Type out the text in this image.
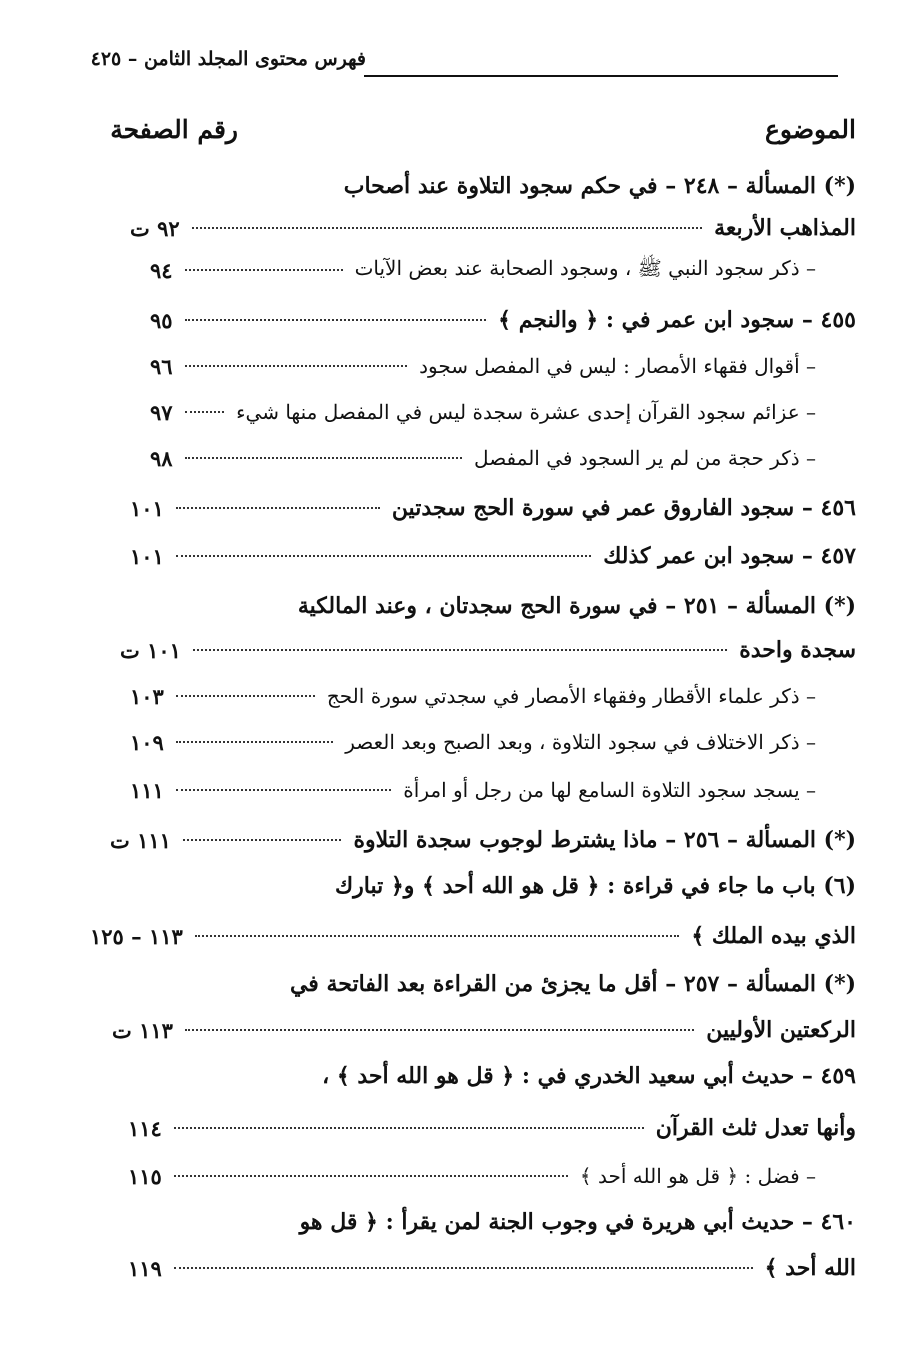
فهرس محتوى المجلد الثامن – ٤٢٥
الموضوع
رقم الصفحة
(*) المسألة – ٢٤٨ – في حكم سجود التلاوة عند أصحاب
المذاهب الأربعة
٩٢ ت
– ذكر سجود النبي ﷺ ، وسجود الصحابة عند بعض الآيات
٩٤
٤٥٥ – سجود ابن عمر في : ﴿ والنجم ﴾
٩٥
– أقوال فقهاء الأمصار : ليس في المفصل سجود
٩٦
– عزائم سجود القرآن إحدى عشرة سجدة ليس في المفصل منها شيء
٩٧
– ذكر حجة من لم ير السجود في المفصل
٩٨
٤٥٦ – سجود الفاروق عمر في سورة الحج سجدتين
١٠١
٤٥٧ – سجود ابن عمر كذلك
١٠١
(*) المسألة – ٢٥١ – في سورة الحج سجدتان ، وعند المالكية
سجدة واحدة
١٠١ ت
– ذكر علماء الأقطار وفقهاء الأمصار في سجدتي سورة الحج
١٠٣
– ذكر الاختلاف في سجود التلاوة ، وبعد الصبح وبعد العصر
١٠٩
– يسجد سجود التلاوة السامع لها من رجل أو امرأة
١١١
(*) المسألة – ٢٥٦ – ماذا يشترط لوجوب سجدة التلاوة
١١١ ت
(٦) باب ما جاء في قراءة : ﴿ قل هو الله أحد ﴾ و﴿ تبارك
الذي بيده الملك ﴾
١١٣ – ١٢٥
(*) المسألة – ٢٥٧ – أقل ما يجزئ من القراءة بعد الفاتحة في
الركعتين الأوليين
١١٣ ت
٤٥٩ – حديث أبي سعيد الخدري في : ﴿ قل هو الله أحد ﴾ ،
وأنها تعدل ثلث القرآن
١١٤
– فضل : ﴿ قل هو الله أحد ﴾
١١٥
٤٦٠ – حديث أبي هريرة في وجوب الجنة لمن يقرأ : ﴿ قل هو
الله أحد ﴾
١١٩
